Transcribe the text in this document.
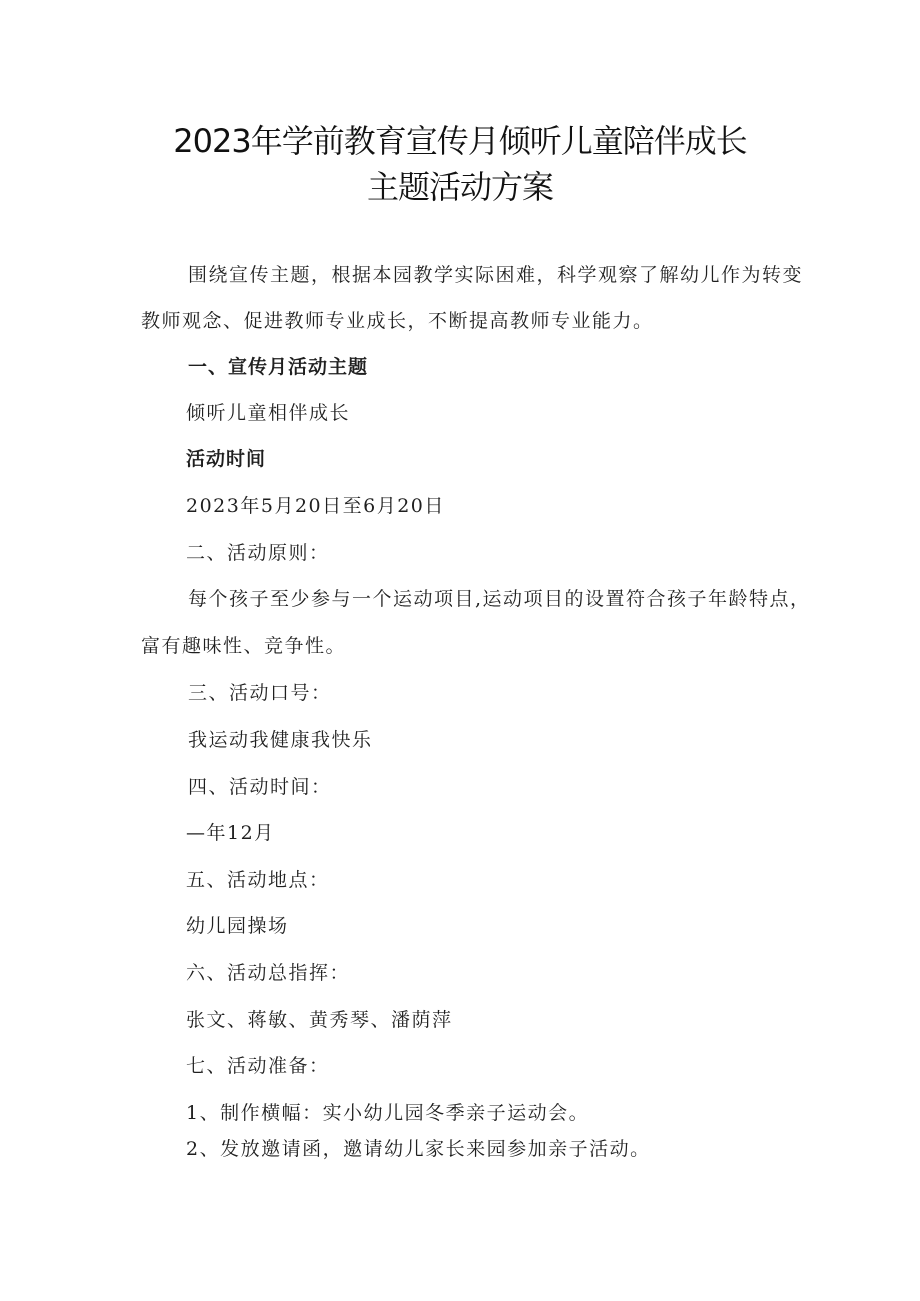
2023年学前教育宣传月倾听儿童陪伴成长
主题活动方案
围绕宣传主题，根据本园教学实际困难，科学观察了解幼儿作为转变
教师观念、促进教师专业成长，不断提高教师专业能力。
一、宣传月活动主题
倾听儿童相伴成长
活动时间
2023年5月20日至6月20日
二、活动原则：
每个孩子至少参与一个运动项目,运动项目的设置符合孩子年龄特点，
富有趣味性、竞争性。
三、活动口号：
我运动我健康我快乐
四、活动时间：
—年12月
五、活动地点：
幼儿园操场
六、活动总指挥：
张文、蒋敏、黄秀琴、潘荫萍
七、活动准备：
1、制作横幅：实小幼儿园冬季亲子运动会。
2、发放邀请函，邀请幼儿家长来园参加亲子活动。
